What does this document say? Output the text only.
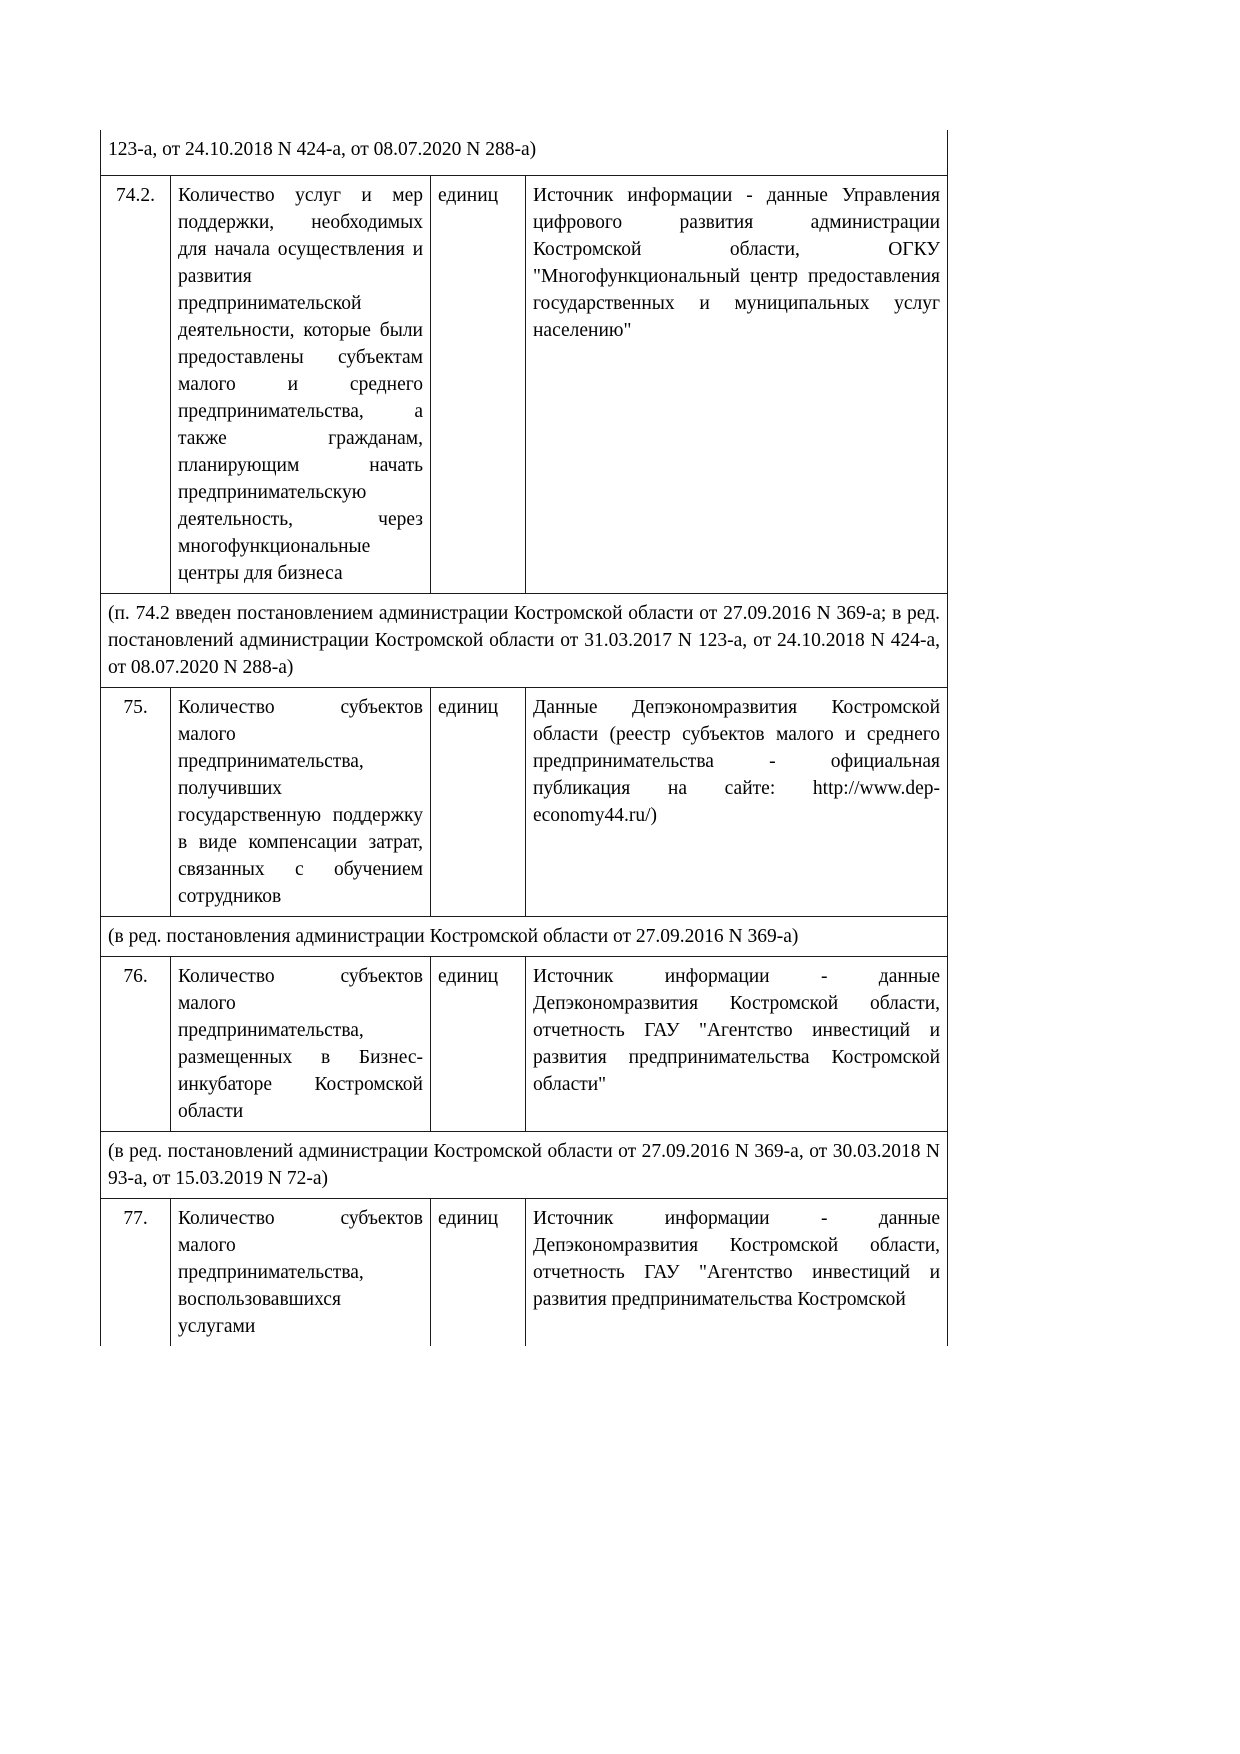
123-а, от 24.10.2018 N 424-а, от 08.07.2020 N 288-а)			
74.2.	Количество услуг и мер поддержки, необходимых для начала осуществления и развития предпринимательской деятельности, которые были предоставлены субъектам малого и среднего предпринимательства, а также гражданам, планирующим начать предпринимательскую деятельность, через многофункциональные центры для бизнеса	единиц	Источник информации - данные Управления цифрового развития администрации Костромской области, ОГКУ "Многофункциональный центр предоставления государственных и муниципальных услуг населению"
(п. 74.2 введен постановлением администрации Костромской области от 27.09.2016 N 369-а; в ред. постановлений администрации Костромской области от 31.03.2017 N 123-а, от 24.10.2018 N 424-а, от 08.07.2020 N 288-а)			
75.	Количество субъектов малого предпринимательства, получивших государственную поддержку в виде компенсации затрат, связанных с обучением сотрудников	единиц	Данные Депэкономразвития Костромской области (реестр субъектов малого и среднего предпринимательства - официальная публикация на сайте: http://www.dep-economy44.ru/)
(в ред. постановления администрации Костромской области от 27.09.2016 N 369-а)			
76.	Количество субъектов малого предпринимательства, размещенных в Бизнес-инкубаторе Костромской области	единиц	Источник информации - данные Депэкономразвития Костромской области, отчетность ГАУ "Агентство инвестиций и развития предпринимательства Костромской области"
(в ред. постановлений администрации Костромской области от 27.09.2016 N 369-а, от 30.03.2018 N 93-а, от 15.03.2019 N 72-а)			
77.	Количество субъектов малого предпринимательства, воспользовавшихся услугами	единиц	Источник информации - данные Депэкономразвития Костромской области, отчетность ГАУ "Агентство инвестиций и развития предпринимательства Костромской
